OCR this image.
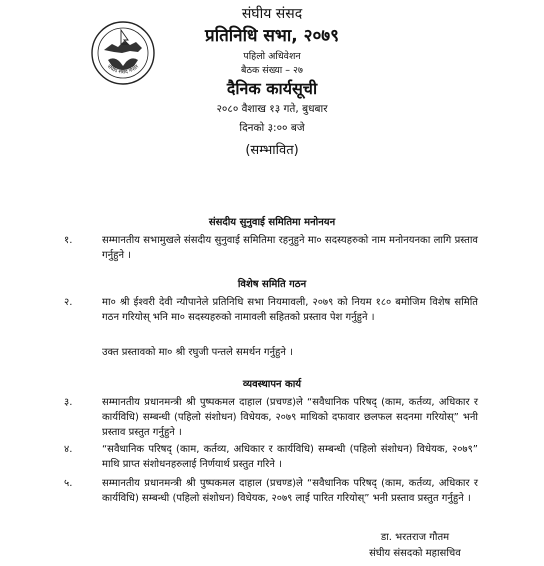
संघीय संसद नेपाल
संघीय संसद
प्रतिनिधि सभा, २०७९
पहिलो अधिवेशन
बैठक संख्या – २७
दैनिक कार्यसूची
२०८० वैशाख १३ गते, बुधबार
दिनको ३:०० बजे
(सम्भावित)
संसदीय सुनुवाई समितिमा मनोनयन
१.	सम्मानतीय सभामुखले संसदीय सुनुवाई समितिमा रहनुहुने मा० सदस्यहरुको नाम मनोनयनका लागि प्रस्ताव गर्नुहुने ।
विशेष समिति गठन
२.	मा० श्री ईश्वरी देवी न्यौपानेले प्रतिनिधि सभा नियमावली, २०७९ को नियम १८० बमोजिम विशेष समिति गठन गरियोस् भनि मा० सदस्यहरुको नामावली सहितको प्रस्ताव पेश गर्नुहुने ।
उक्त प्रस्तावको मा० श्री रघुजी पन्तले समर्थन गर्नुहुने ।
व्यवस्थापन कार्य
३.	सम्मानतीय प्रधानमन्त्री श्री पुष्पकमल दाहाल (प्रचण्ड)ले “सवैधानिक परिषद् (काम, कर्तव्य, अधिकार र कार्यविधि) सम्बन्धी (पहिलो संशोधन) विधेयक, २०७९ माथिको दफावार छलफल सदनमा गरियोस्” भनी प्रस्ताव प्रस्तुत गर्नुहुने ।
४.	“सवैधानिक परिषद् (काम, कर्तव्य, अधिकार र कार्यविधि) सम्बन्धी (पहिलो संशोधन) विधेयक, २०७९” माथि प्राप्त संशोधनहरुलाई निर्णयार्थ प्रस्तुत गरिने ।
५.	सम्मानतीय प्रधानमन्त्री श्री पुष्पकमल दाहाल (प्रचण्ड)ले “सवैधानिक परिषद् (काम, कर्तव्य, अधिकार र कार्यविधि) सम्बन्धी (पहिलो संशोधन) विधेयक, २०७९ लाई पारित गरियोस्” भनी प्रस्ताव प्रस्तुत गर्नुहुने ।
डा. भरतराज गौतम
संघीय संसदको महासचिव
